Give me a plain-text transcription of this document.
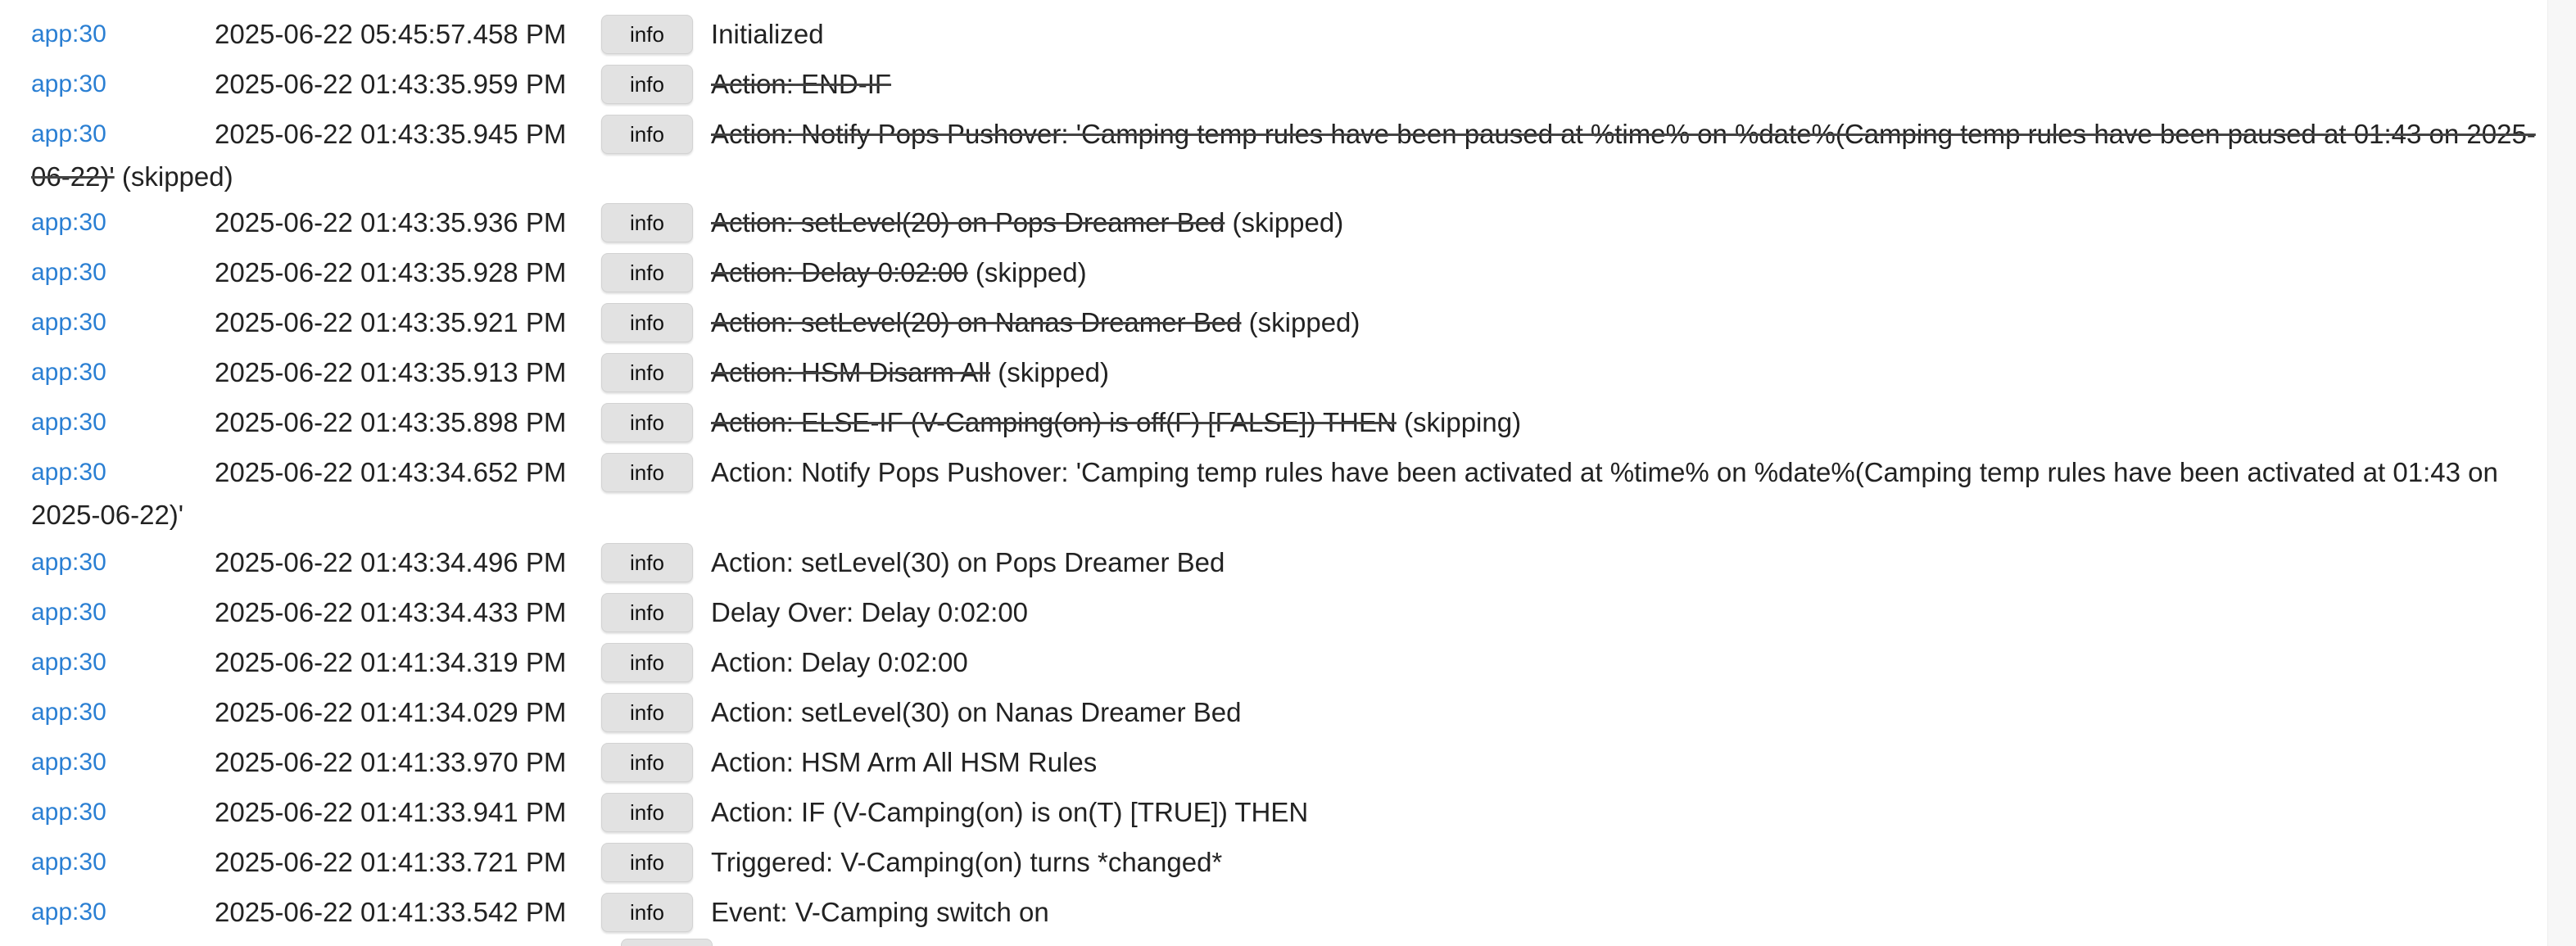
app:30	2025-06-22 05:45:57.458 PM	info Initialized
app:30	2025-06-22 01:43:35.959 PM	info Action: END-IF
app:30	2025-06-22 01:43:35.945 PM	info Action: Notify Pops Pushover: 'Camping temp rules have been paused at %time% on %date%(Camping temp rules have been paused at 01:43 on 2025-06-22)' (skipped)
app:30	2025-06-22 01:43:35.936 PM	info Action: setLevel(20) on Pops Dreamer Bed (skipped)
app:30	2025-06-22 01:43:35.928 PM	info Action: Delay 0:02:00 (skipped)
app:30	2025-06-22 01:43:35.921 PM	info Action: setLevel(20) on Nanas Dreamer Bed (skipped)
app:30	2025-06-22 01:43:35.913 PM	info Action: HSM Disarm All (skipped)
app:30	2025-06-22 01:43:35.898 PM	info Action: ELSE-IF (V-Camping(on) is off(F) [FALSE]) THEN (skipping)
app:30	2025-06-22 01:43:34.652 PM	info Action: Notify Pops Pushover: 'Camping temp rules have been activated at %time% on %date%(Camping temp rules have been activated at 01:43 on 2025-06-22)'
app:30	2025-06-22 01:43:34.496 PM	info Action: setLevel(30) on Pops Dreamer Bed
app:30	2025-06-22 01:43:34.433 PM	info Delay Over: Delay 0:02:00
app:30	2025-06-22 01:41:34.319 PM	info Action: Delay 0:02:00
app:30	2025-06-22 01:41:34.029 PM	info Action: setLevel(30) on Nanas Dreamer Bed
app:30	2025-06-22 01:41:33.970 PM	info Action: HSM Arm All HSM Rules
app:30	2025-06-22 01:41:33.941 PM	info Action: IF (V-Camping(on) is on(T) [TRUE]) THEN
app:30	2025-06-22 01:41:33.721 PM	info Triggered: V-Camping(on) turns *changed*
app:30	2025-06-22 01:41:33.542 PM	info Event: V-Camping switch on
